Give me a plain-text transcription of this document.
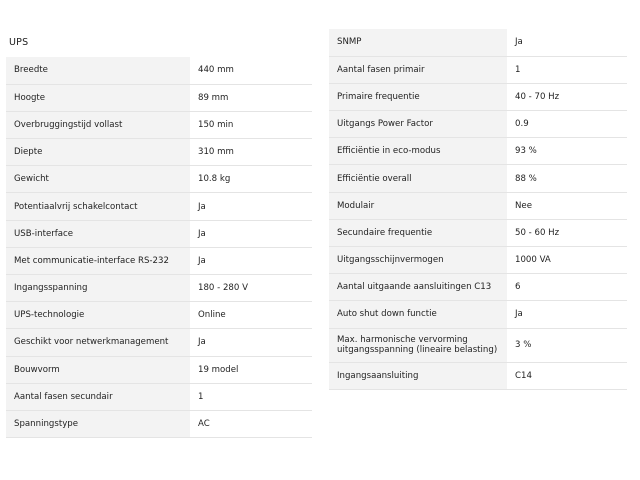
UPS
Breedte	440 mm
Hoogte	89 mm
Overbruggingstijd vollast	150 min
Diepte	310 mm
Gewicht	10.8 kg
Potentiaalvrij schakelcontact	Ja
USB-interface	Ja
Met communicatie-interface RS-232	Ja
Ingangsspanning	180 - 280 V
UPS-technologie	Online
Geschikt voor netwerkmanagement	Ja
Bouwvorm	19 model
Aantal fasen secundair	1
Spanningstype	AC
SNMP	Ja
Aantal fasen primair	1
Primaire frequentie	40 - 70 Hz
Uitgangs Power Factor	0.9
Efficiëntie in eco-modus	93 %
Efficiëntie overall	88 %
Modulair	Nee
Secundaire frequentie	50 - 60 Hz
Uitgangsschijnvermogen	1000 VA
Aantal uitgaande aansluitingen C13	6
Auto shut down functie	Ja
Max. harmonische vervorming uitgangsspanning (lineaire belasting)	3 %
Ingangsaansluiting	C14
